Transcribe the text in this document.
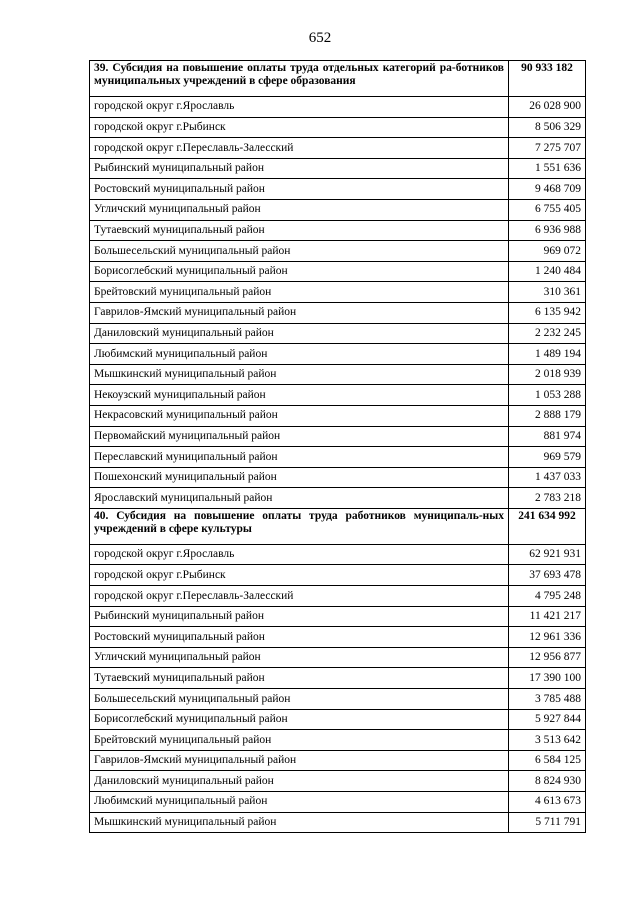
652
39. Субсидия на повышение оплаты труда отдельных категорий ра-ботников муниципальных учреждений в сфере образования	90 933 182
городской округ г.Ярославль	26 028 900
городской округ г.Рыбинск	8 506 329
городской округ г.Переславль-Залесский	7 275 707
Рыбинский муниципальный район	1 551 636
Ростовский муниципальный район	9 468 709
Угличский муниципальный район	6 755 405
Тутаевский муниципальный район	6 936 988
Большесельский муниципальный район	969 072
Борисоглебский муниципальный район	1 240 484
Брейтовский муниципальный район	310 361
Гаврилов-Ямский муниципальный район	6 135 942
Даниловский муниципальный район	2 232 245
Любимский муниципальный район	1 489 194
Мышкинский муниципальный район	2 018 939
Некоузский муниципальный район	1 053 288
Некрасовский муниципальный район	2 888 179
Первомайский муниципальный район	881 974
Переславский муниципальный район	969 579
Пошехонский муниципальный район	1 437 033
Ярославский муниципальный район	2 783 218
40. Субсидия на повышение оплаты труда работников муниципаль-ных учреждений в сфере культуры	241 634 992
городской округ г.Ярославль	62 921 931
городской округ г.Рыбинск	37 693 478
городской округ г.Переславль-Залесский	4 795 248
Рыбинский муниципальный район	11 421 217
Ростовский муниципальный район	12 961 336
Угличский муниципальный район	12 956 877
Тутаевский муниципальный район	17 390 100
Большесельский муниципальный район	3 785 488
Борисоглебский муниципальный район	5 927 844
Брейтовский муниципальный район	3 513 642
Гаврилов-Ямский муниципальный район	6 584 125
Даниловский муниципальный район	8 824 930
Любимский муниципальный район	4 613 673
Мышкинский муниципальный район	5 711 791
